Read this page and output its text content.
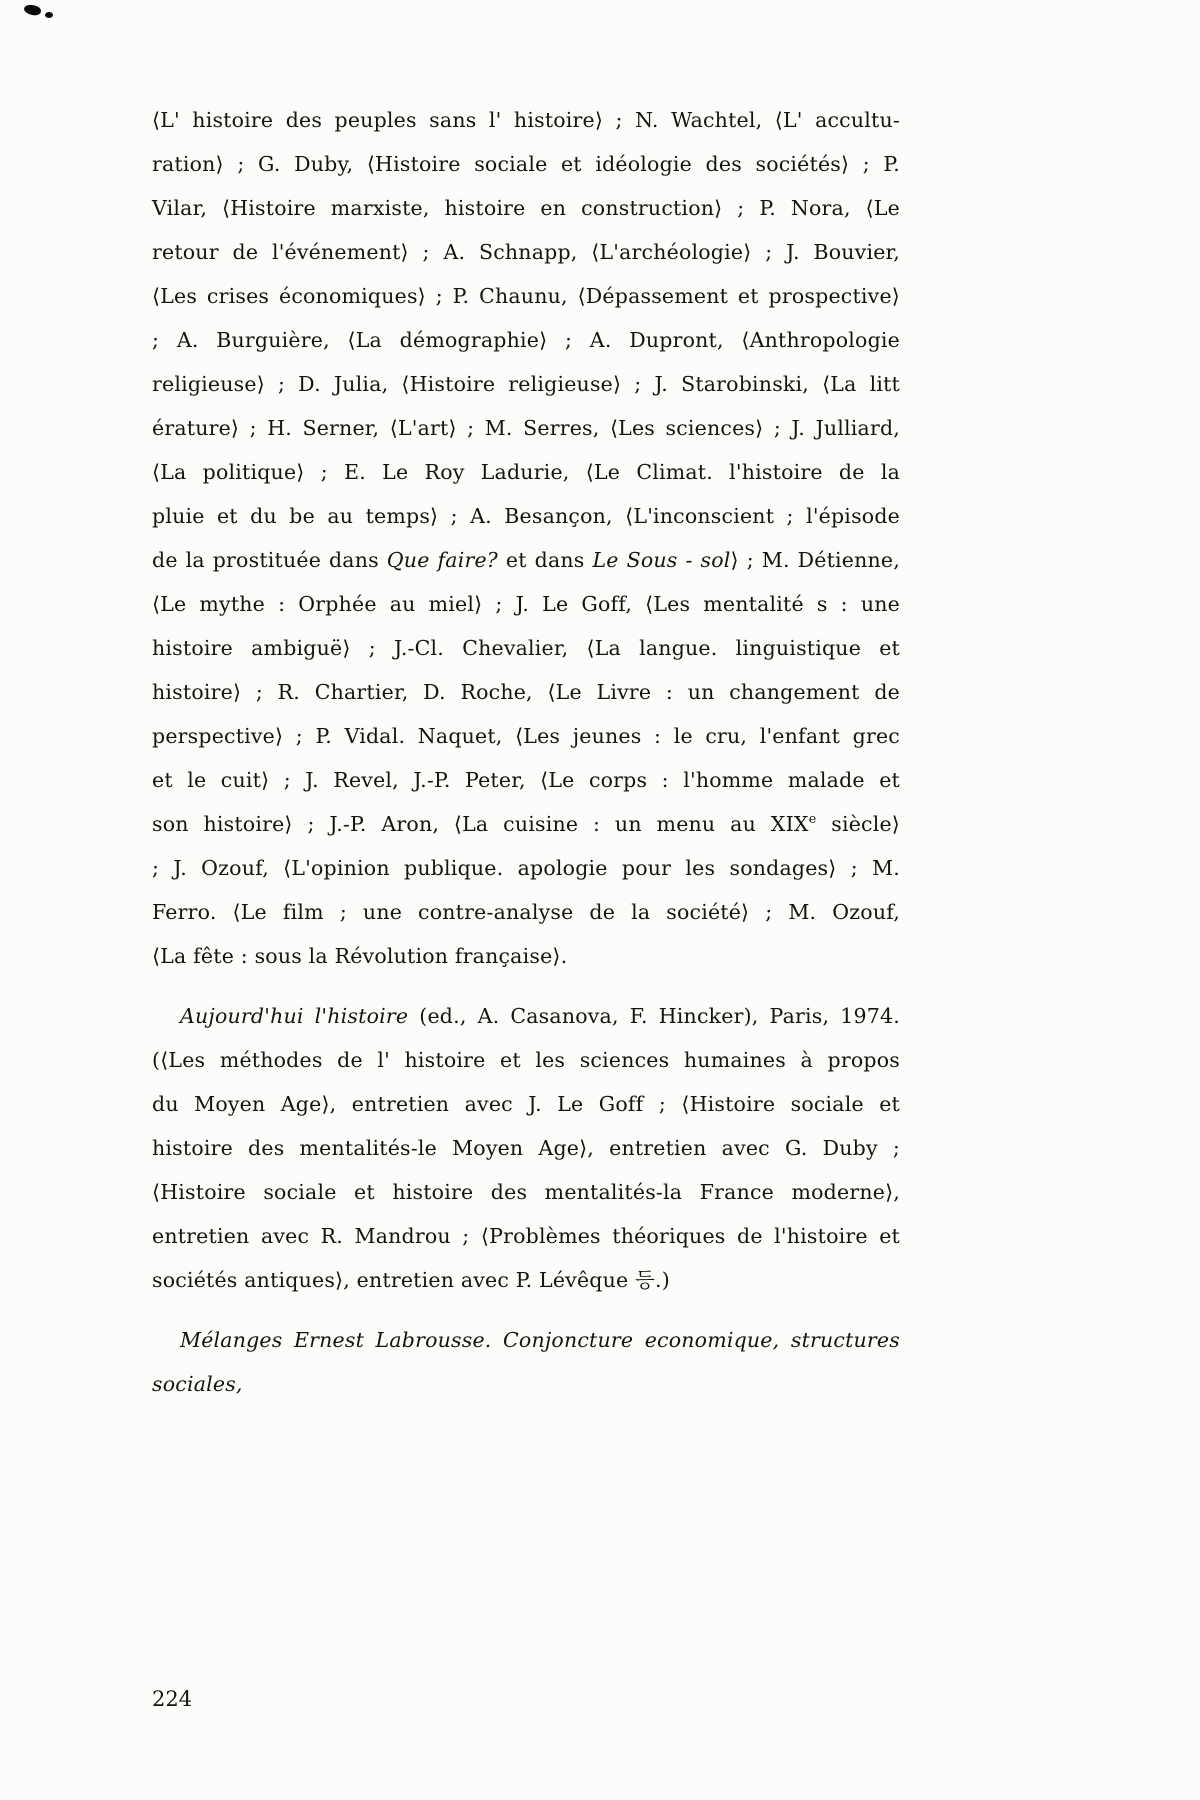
⟨L' histoire des peuples sans l' histoire⟩ ; N. Wachtel, ⟨L' accultu-
ration⟩ ; G. Duby, ⟨Histoire sociale et idéologie des sociétés⟩ ; P.
Vilar, ⟨Histoire marxiste, histoire en construction⟩ ; P. Nora, ⟨Le
retour de l'événement⟩ ; A. Schnapp, ⟨L'archéologie⟩ ; J. Bouvier,
⟨Les crises économiques⟩ ; P. Chaunu, ⟨Dépassement et prospective⟩
; A. Burguière, ⟨La démographie⟩ ; A. Dupront, ⟨Anthropologie
religieuse⟩ ; D. Julia, ⟨Histoire religieuse⟩ ; J. Starobinski, ⟨La litt
érature⟩ ; H. Serner, ⟨L'art⟩ ; M. Serres, ⟨Les sciences⟩ ; J. Julliard,
⟨La politique⟩ ; E. Le Roy Ladurie, ⟨Le Climat. l'histoire de la
pluie et du be au temps⟩ ; A. Besançon, ⟨L'inconscient ; l'épisode
de la prostituée dans Que faire? et dans Le Sous - sol⟩ ; M. Détienne,
⟨Le mythe : Orphée au miel⟩ ; J. Le Goff, ⟨Les mentalité s : une
histoire ambiguë⟩ ; J.-Cl. Chevalier, ⟨La langue. linguistique et
histoire⟩ ; R. Chartier, D. Roche, ⟨Le Livre : un changement de
perspective⟩ ; P. Vidal. Naquet, ⟨Les jeunes : le cru, l'enfant grec
et le cuit⟩ ; J. Revel, J.-P. Peter, ⟨Le corps : l'homme malade et
son histoire⟩ ; J.-P. Aron, ⟨La cuisine : un menu au XIXe siècle⟩
; J. Ozouf, ⟨L'opinion publique. apologie pour les sondages⟩ ; M.
Ferro. ⟨Le film ; une contre-analyse de la société⟩ ; M. Ozouf,
⟨La fête : sous la Révolution française⟩.
Aujourd'hui l'histoire (ed., A. Casanova, F. Hincker), Paris, 1974.
(⟨Les méthodes de l' histoire et les sciences humaines à propos
du Moyen Age⟩, entretien avec J. Le Goff ; ⟨Histoire sociale et
histoire des mentalités-le Moyen Age⟩, entretien avec G. Duby ;
⟨Histoire sociale et histoire des mentalités-la France moderne⟩,
entretien avec R. Mandrou ; ⟨Problèmes théoriques de l'histoire et
sociétés antiques⟩, entretien avec P. Lévêque 등.)
Mélanges Ernest Labrousse. Conjoncture economique, structures sociales,
224
